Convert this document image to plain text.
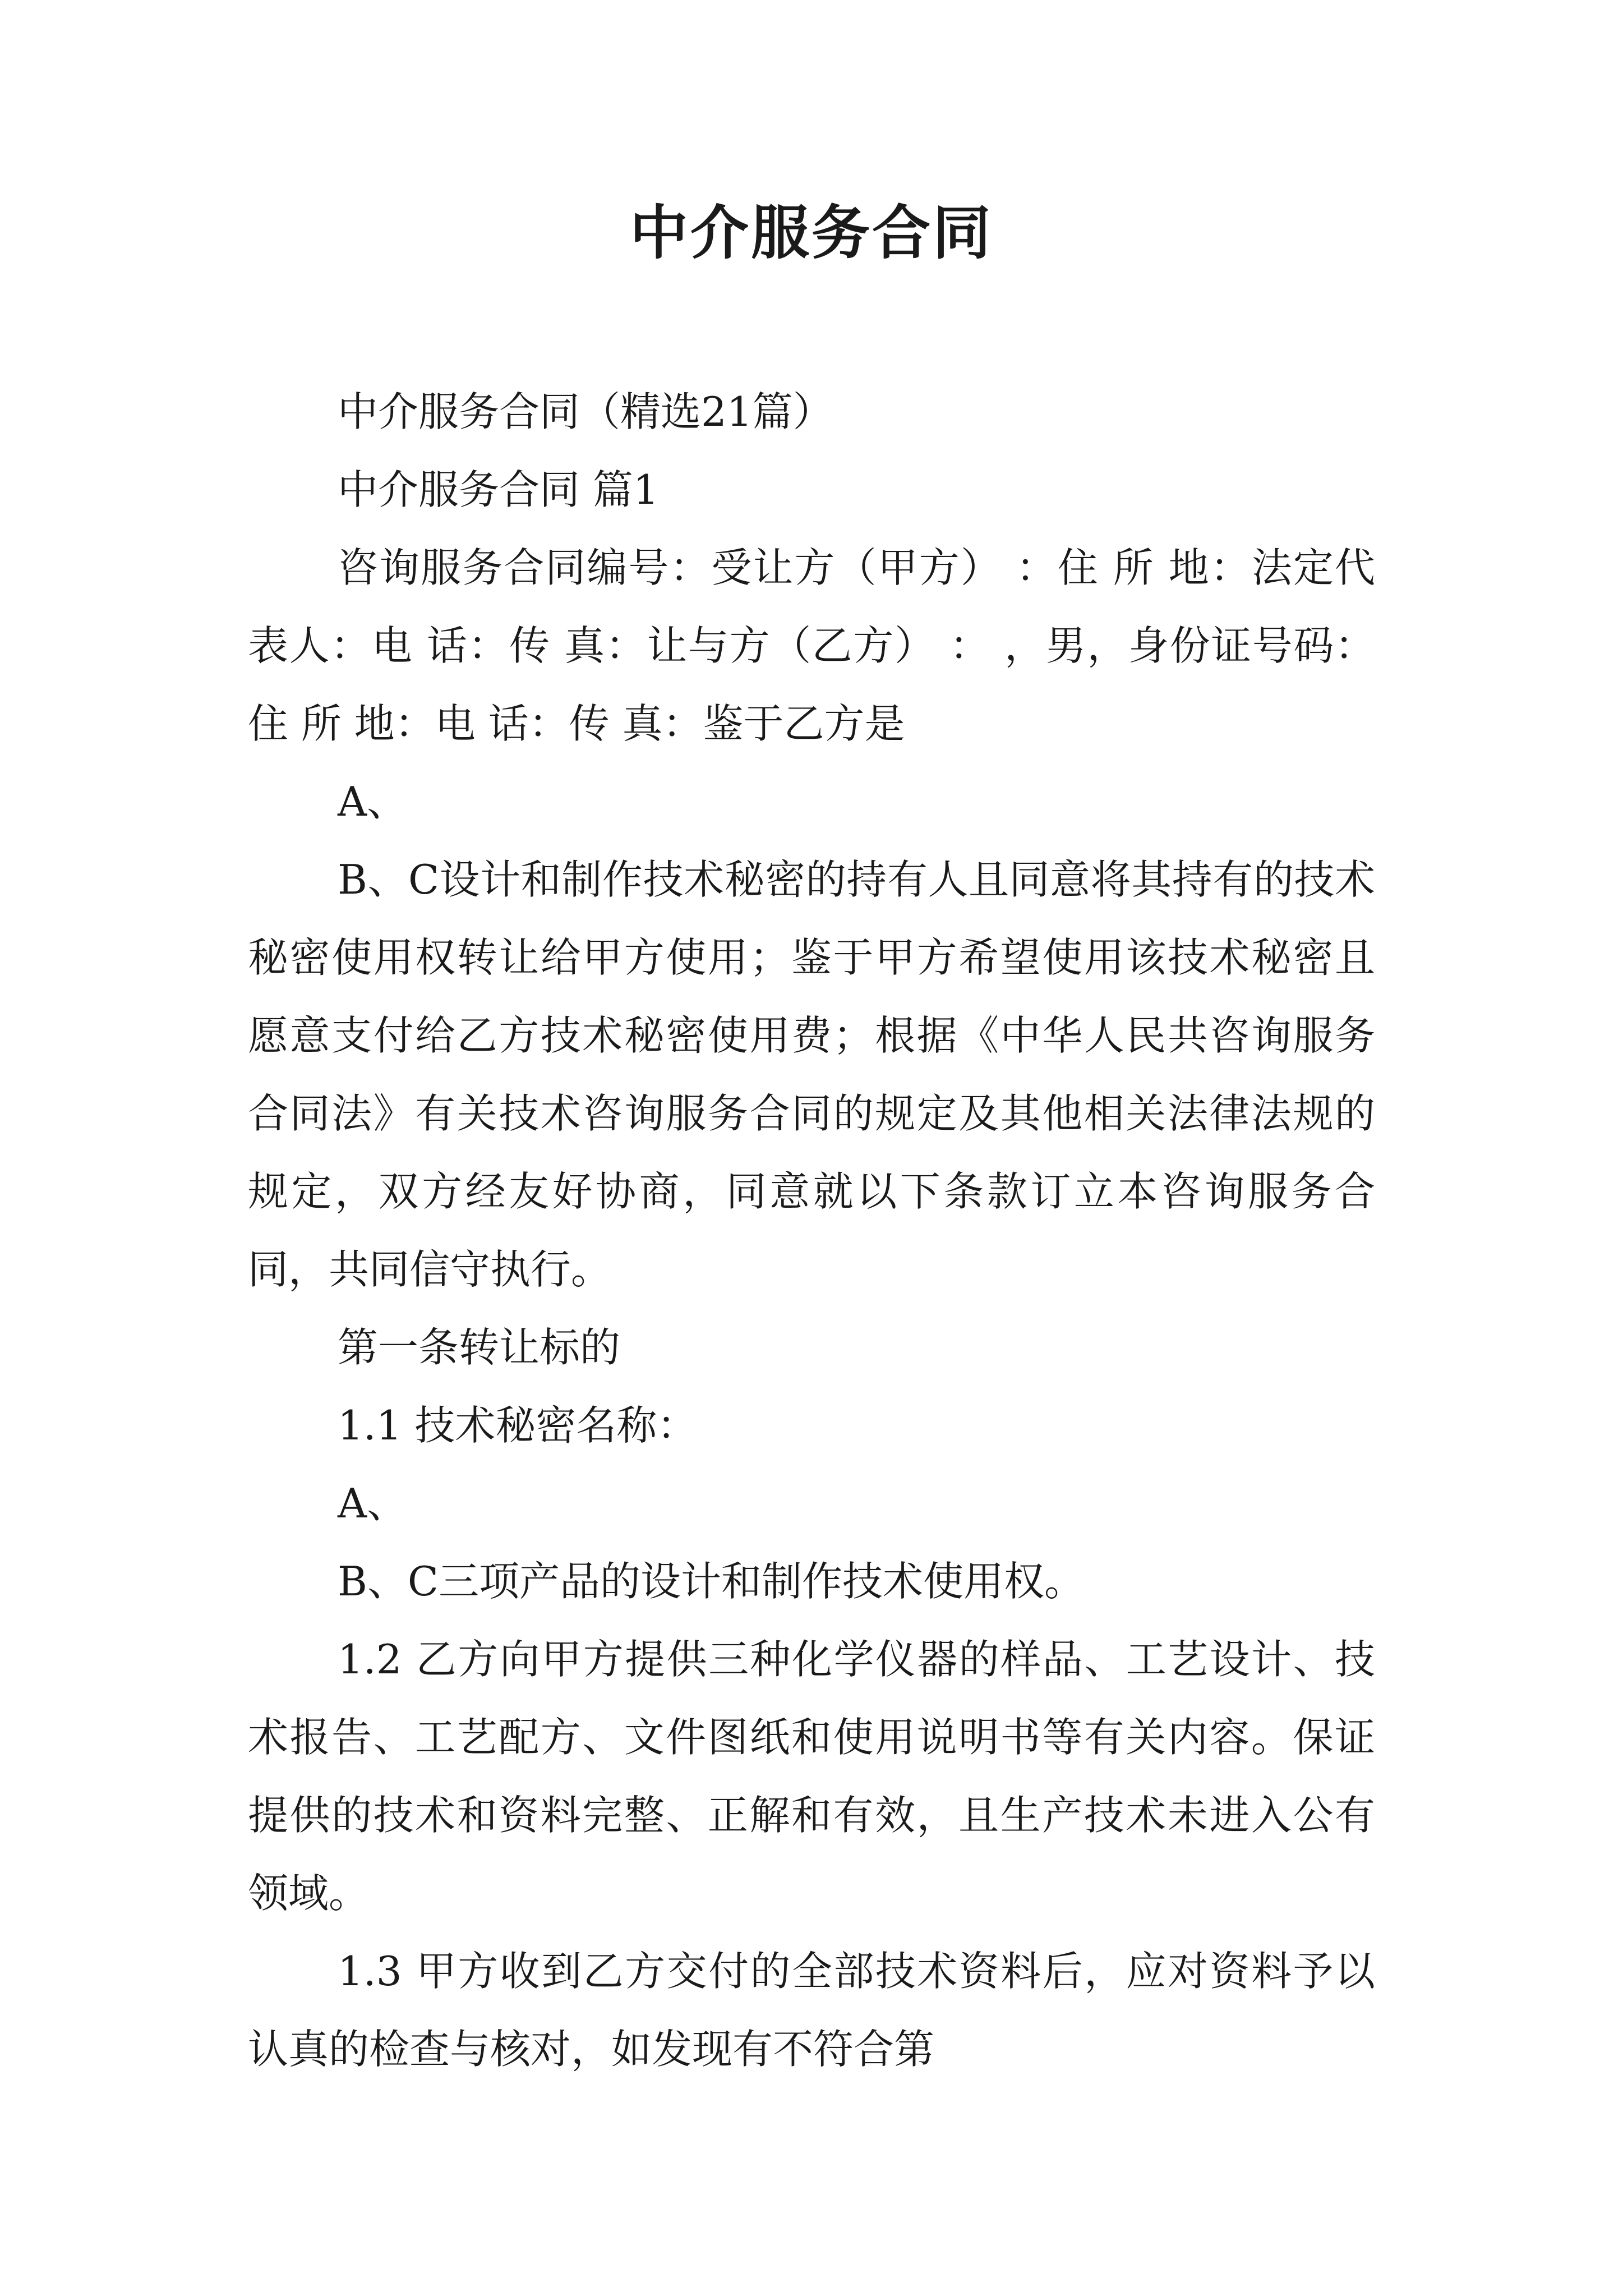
中介服务合同

中介服务合同（精选21篇）

中介服务合同 篇1

咨询服务合同编号：受让方（甲方） ：住 所 地：法定代表人：电 话：传 真：让与方（乙方） ： ，男，身份证号码：住 所 地：电 话：传 真：鉴于乙方是

A、

B、C设计和制作技术秘密的持有人且同意将其持有的技术秘密使用权转让给甲方使用；鉴于甲方希望使用该技术秘密且愿意支付给乙方技术秘密使用费；根据《中华人民共咨询服务合同法》有关技术咨询服务合同的规定及其他相关法律法规的规定，双方经友好协商，同意就以下条款订立本咨询服务合同，共同信守执行。

第一条转让标的

1.1 技术秘密名称：

A、

B、C三项产品的设计和制作技术使用权。

1.2 乙方向甲方提供三种化学仪器的样品、工艺设计、技术报告、工艺配方、文件图纸和使用说明书等有关内容。保证提供的技术和资料完整、正解和有效，且生产技术未进入公有领域。

1.3 甲方收到乙方交付的全部技术资料后，应对资料予以认真的检查与核对，如发现有不符合第
